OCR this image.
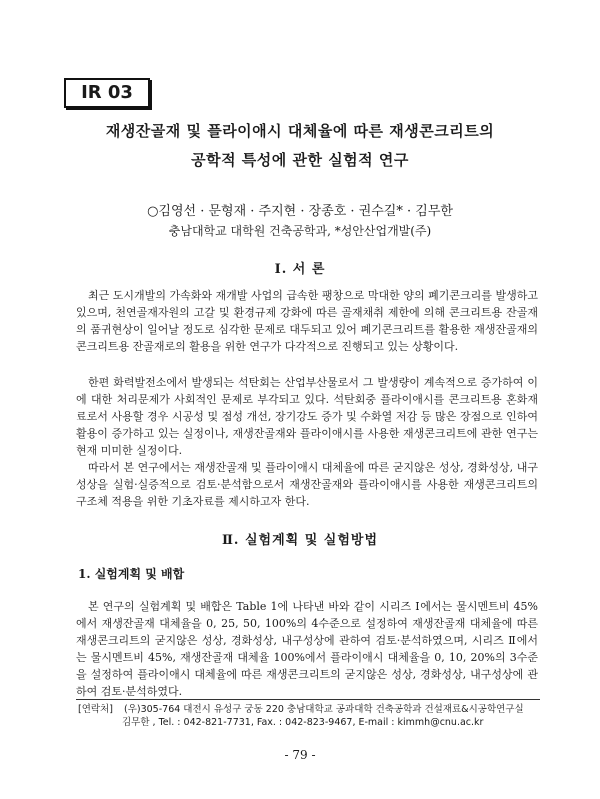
IR 03
재생잔골재 및 플라이애시 대체율에 따른 재생콘크리트의
공학적 특성에 관한 실험적 연구
○김영선 · 문형재 · 주지현 · 장종호 · 권수길* · 김무한
충남대학교 대학원 건축공학과, *성안산업개발(주)
Ⅰ. 서 론

최근 도시개발의 가속화와 재개발 사업의 급속한 팽창으로 막대한 양의 폐기콘크리를 발생하고 있으며, 천연골재자원의 고갈 및 환경규제 강화에 따른 골재채취 제한에 의해 콘크리트용 잔골재의 품귀현상이 일어날 정도로 심각한 문제로 대두되고 있어 폐기콘크리트를 활용한 재생잔골재의 콘크리트용 잔골재로의 활용을 위한 연구가 다각적으로 진행되고 있는 상황이다.

한편 화력발전소에서 발생되는 석탄회는 산업부산물로서 그 발생량이 계속적으로 증가하여 이에 대한 처리문제가 사회적인 문제로 부각되고 있다. 석탄회중 플라이애시를 콘크리트용 혼화재료로서 사용할 경우 시공성 및 점성 개선, 장기강도 증가 및 수화열 저감 등 많은 장점으로 인하여 활용이 증가하고 있는 실정이나, 재생잔골재와 플라이애시를 사용한 재생콘크리트에 관한 연구는 현재 미미한 실정이다.

따라서 본 연구에서는 재생잔골재 및 플라이애시 대체율에 따른 굳지않은 성상, 경화성상, 내구성상을 실험·실증적으로 검토·분석함으로서 재생잔골재와 플라이애시를 사용한 재생콘크리트의 구조체 적용을 위한 기초자료를 제시하고자 한다.

Ⅱ. 실험계획 및 실험방법
1. 실험계획 및 배합

본 연구의 실험계획 및 배합은 Table 1에 나타낸 바와 같이 시리즈 Ⅰ에서는 물시멘트비 45%에서 재생잔골재 대체율을 0, 25, 50, 100%의 4수준으로 설정하여 재생잔골재 대체율에 따른 재생콘크리트의 굳지않은 성상, 경화성상, 내구성상에 관하여 검토·분석하였으며, 시리즈 Ⅱ에서는 물시멘트비 45%, 재생잔골재 대체율 100%에서 플라이애시 대체율을 0, 10, 20%의 3수준을 설정하여 플라이애시 대체율에 따른 재생콘크리트의 굳지않은 성상, 경화성상, 내구성상에 관하여 검토·분석하였다.

[연락처] (우)305-764 대전시 유성구 궁동 220 충남대학교 공과대학 건축공학과 건설재료&시공학연구실
김무한 , Tel. : 042-821-7731, Fax. : 042-823-9467, E-mail : kimmh@cnu.ac.kr
- 79 -
